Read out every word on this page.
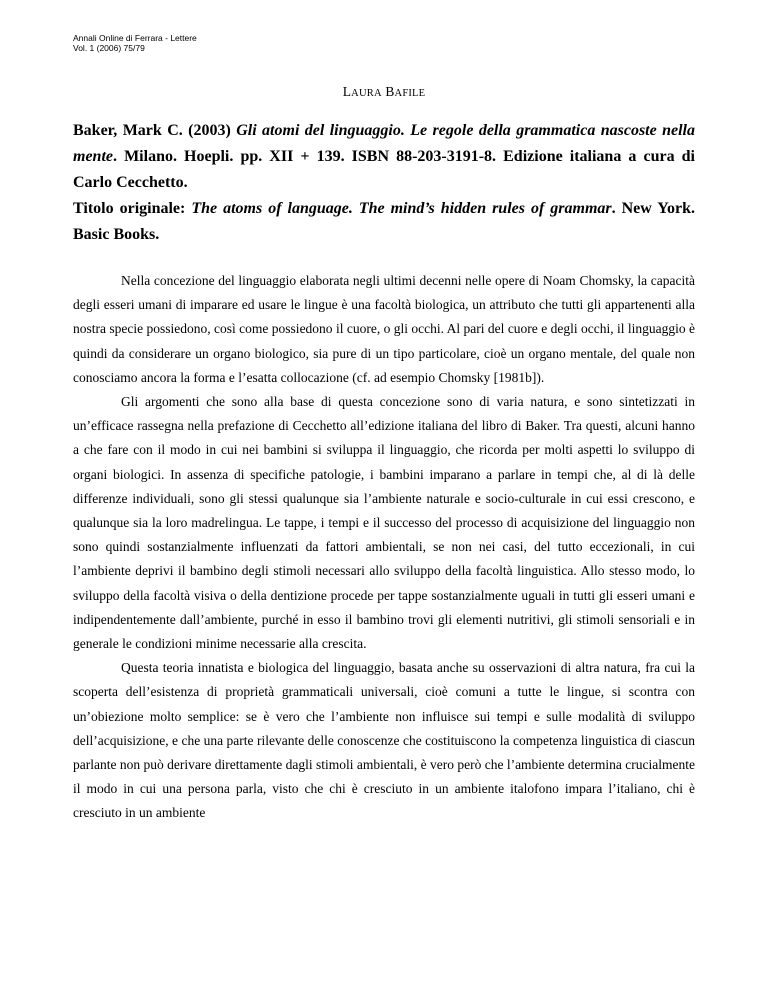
Annali Online di Ferrara - Lettere
Vol. 1 (2006) 75/79
LAURA BAFILE

Baker, Mark C. (2003) Gli atomi del linguaggio. Le regole della grammatica nascoste nella mente. Milano. Hoepli. pp. XII + 139. ISBN 88-203-3191-8. Edizione italiana a cura di Carlo Cecchetto.
Titolo originale: The atoms of language. The mind’s hidden rules of grammar. New York. Basic Books.

Nella concezione del linguaggio elaborata negli ultimi decenni nelle opere di Noam Chomsky, la capacità degli esseri umani di imparare ed usare le lingue è una facoltà biologica, un attributo che tutti gli appartenenti alla nostra specie possiedono, così come possiedono il cuore, o gli occhi. Al pari del cuore e degli occhi, il linguaggio è quindi da considerare un organo biologico, sia pure di un tipo particolare, cioè un organo mentale, del quale non conosciamo ancora la forma e l’esatta collocazione (cf. ad esempio Chomsky [1981b]).

Gli argomenti che sono alla base di questa concezione sono di varia natura, e sono sintetizzati in un’efficace rassegna nella prefazione di Cecchetto all’edizione italiana del libro di Baker. Tra questi, alcuni hanno a che fare con il modo in cui nei bambini si sviluppa il linguaggio, che ricorda per molti aspetti lo sviluppo di organi biologici. In assenza di specifiche patologie, i bambini imparano a parlare in tempi che, al di là delle differenze individuali, sono gli stessi qualunque sia l’ambiente naturale e socio-culturale in cui essi crescono, e qualunque sia la loro madrelingua. Le tappe, i tempi e il successo del processo di acquisizione del linguaggio non sono quindi sostanzialmente influenzati da fattori ambientali, se non nei casi, del tutto eccezionali, in cui l’ambiente deprivi il bambino degli stimoli necessari allo sviluppo della facoltà linguistica. Allo stesso modo, lo sviluppo della facoltà visiva o della dentizione procede per tappe sostanzialmente uguali in tutti gli esseri umani e indipendentemente dall’ambiente, purché in esso il bambino trovi gli elementi nutritivi, gli stimoli sensoriali e in generale le condizioni minime necessarie alla crescita.

Questa teoria innatista e biologica del linguaggio, basata anche su osservazioni di altra natura, fra cui la scoperta dell’esistenza di proprietà grammaticali universali, cioè comuni a tutte le lingue, si scontra con un’obiezione molto semplice: se è vero che l’ambiente non influisce sui tempi e sulle modalità di sviluppo dell’acquisizione, e che una parte rilevante delle conoscenze che costituiscono la competenza linguistica di ciascun parlante non può derivare direttamente dagli stimoli ambientali, è vero però che l’ambiente determina crucialmente il modo in cui una persona parla, visto che chi è cresciuto in un ambiente italofono impara l’italiano, chi è cresciuto in un ambiente
